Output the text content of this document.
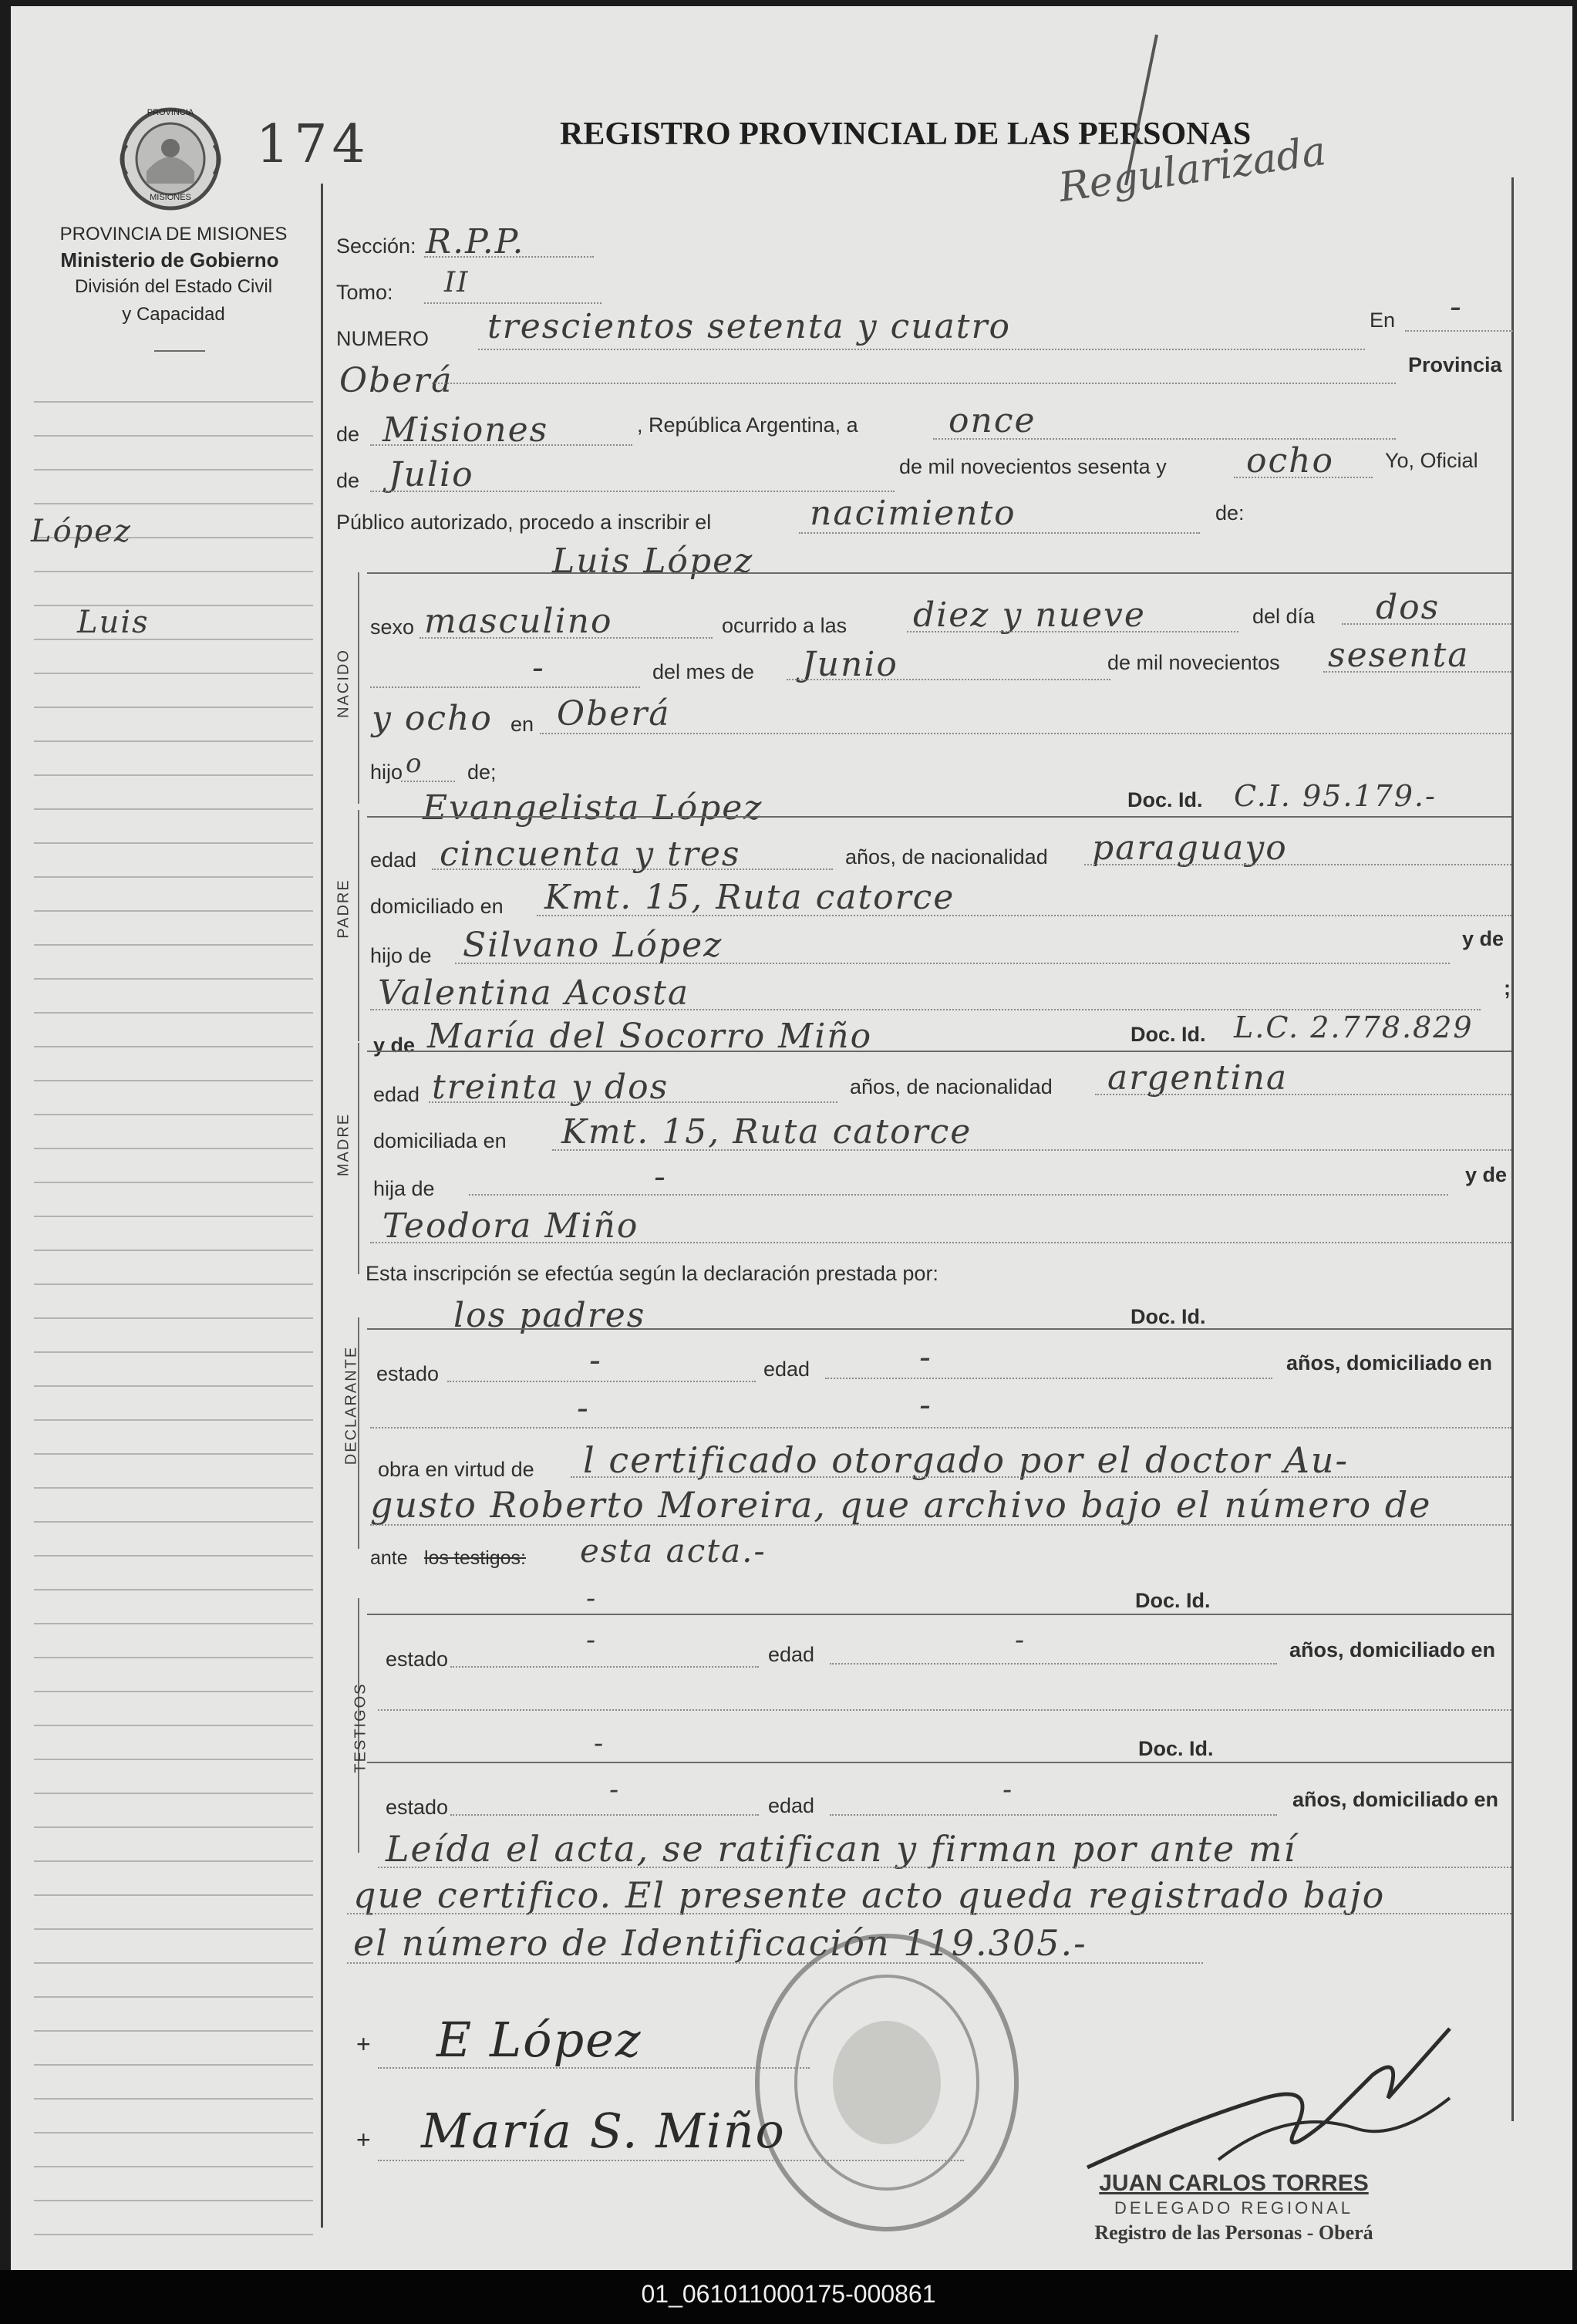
01_061011000175-000861
PROVINCIA
MISIONES
174	REGISTRO PROVINCIAL DE LAS PERSONAS
Regularizada
PROVINCIA DE MISIONES
Ministerio de Gobierno
División del Estado Civil
y Capacidad
López
Luis
Sección: R.P.P.
Tomo: II
NUMERO trescientos setenta y cuatro	En -
Oberá	Provincia
de Misiones	, República Argentina, a	once
de Julio	de mil novecientos sesenta y ocho Yo, Oficial
Público autorizado, procedo a inscribir el	nacimiento	de:
NACIDO
Luis López
sexo masculino	ocurrido a las diez y nueve	del día dos
-	del mes de Junio	de mil novecientos sesenta
y ocho en Oberá
hijo o de;
PADRE
Evangelista López	Doc. Id. C.I. 95.179.-
edad cincuenta y tres	años, de nacionalidad paraguayo
domiciliado en Kmt. 15, Ruta catorce
hijo de Silvano López	y de
Valentina Acosta	;
MADRE
y de María del Socorro Miño	Doc. Id. L.C. 2.778.829
edad treinta y dos	años, de nacionalidad argentina
domiciliada en Kmt. 15, Ruta catorce
hija de	-	y de
Teodora Miño
Esta inscripción se efectúa según la declaración prestada por:
DECLARANTE
los padres	Doc. Id.
estado	-	edad	-	años, domiciliado en
-	-
obra en virtud de l certificado otorgado por el doctor Au-
gusto Roberto Moreira, que archivo bajo el número de
ante los testigos: esta acta.-
TESTIGOS
-	Doc. Id.
estado
-	edad	-	años, domiciliado en
-	Doc. Id.
estado
-	edad	-	años, domiciliado en
Leída el acta, se ratifican y firman por ante mí
que certifico. El presente acto queda registrado bajo
el número de Identificación 119.305.-
+ E López
+ María S. Miño
JUAN CARLOS TORRES
DELEGADO REGIONAL
Registro de las Personas - Oberá
